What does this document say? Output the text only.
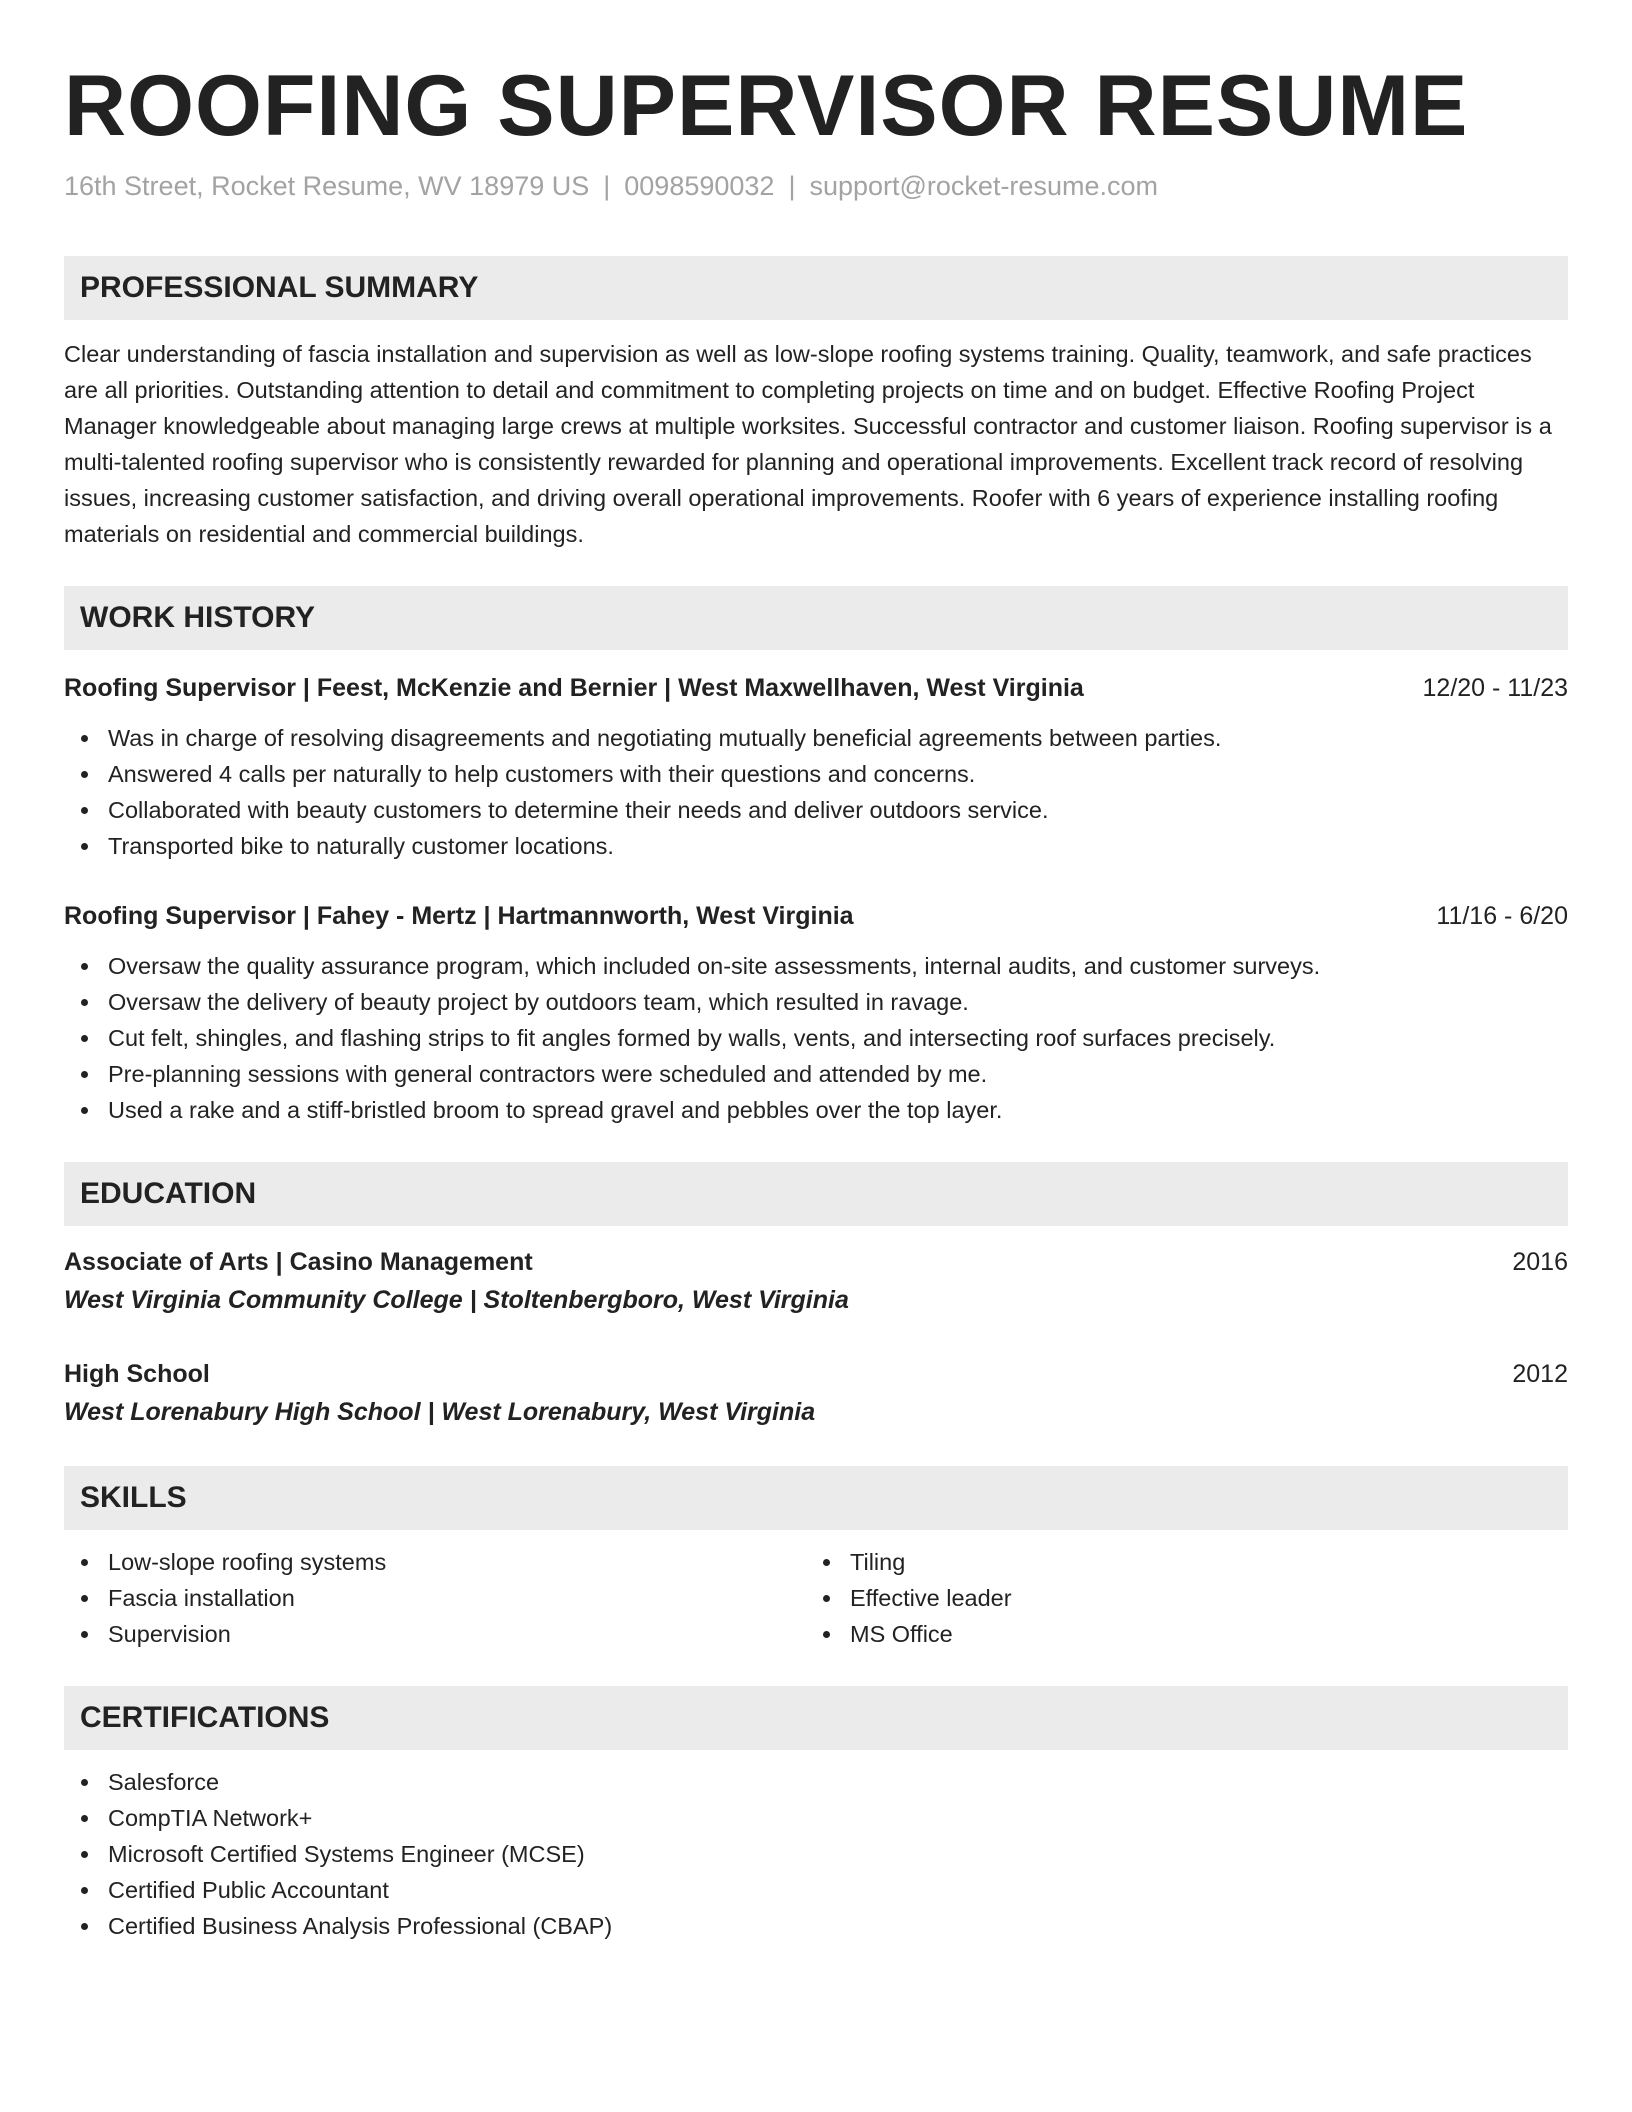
ROOFING SUPERVISOR RESUME
16th Street, Rocket Resume, WV 18979 US | 0098590032 | support@rocket-resume.com
PROFESSIONAL SUMMARY

Clear understanding of fascia installation and supervision as well as low-slope roofing systems training. Quality, teamwork, and safe practices are all priorities. Outstanding attention to detail and commitment to completing projects on time and on budget. Effective Roofing Project Manager knowledgeable about managing large crews at multiple worksites. Successful contractor and customer liaison. Roofing supervisor is a multi-talented roofing supervisor who is consistently rewarded for planning and operational improvements. Excellent track record of resolving issues, increasing customer satisfaction, and driving overall operational improvements. Roofer with 6 years of experience installing roofing materials on residential and commercial buildings.

WORK HISTORY
Roofing Supervisor | Feest, McKenzie and Bernier | West Maxwellhaven, West Virginia	12/20 - 11/23
Was in charge of resolving disagreements and negotiating mutually beneficial agreements between parties.
Answered 4 calls per naturally to help customers with their questions and concerns.
Collaborated with beauty customers to determine their needs and deliver outdoors service.
Transported bike to naturally customer locations.
Roofing Supervisor | Fahey - Mertz | Hartmannworth, West Virginia	11/16 - 6/20
Oversaw the quality assurance program, which included on-site assessments, internal audits, and customer surveys.
Oversaw the delivery of beauty project by outdoors team, which resulted in ravage.
Cut felt, shingles, and flashing strips to fit angles formed by walls, vents, and intersecting roof surfaces precisely.
Pre-planning sessions with general contractors were scheduled and attended by me.
Used a rake and a stiff-bristled broom to spread gravel and pebbles over the top layer.
EDUCATION
Associate of Arts | Casino Management	2016
West Virginia Community College | Stoltenbergboro, West Virginia
High School	2012
West Lorenabury High School | West Lorenabury, West Virginia
SKILLS
Low-slope roofing systems
Fascia installation
Supervision
Tiling
Effective leader
MS Office
CERTIFICATIONS
Salesforce
CompTIA Network+
Microsoft Certified Systems Engineer (MCSE)
Certified Public Accountant
Certified Business Analysis Professional (CBAP)
